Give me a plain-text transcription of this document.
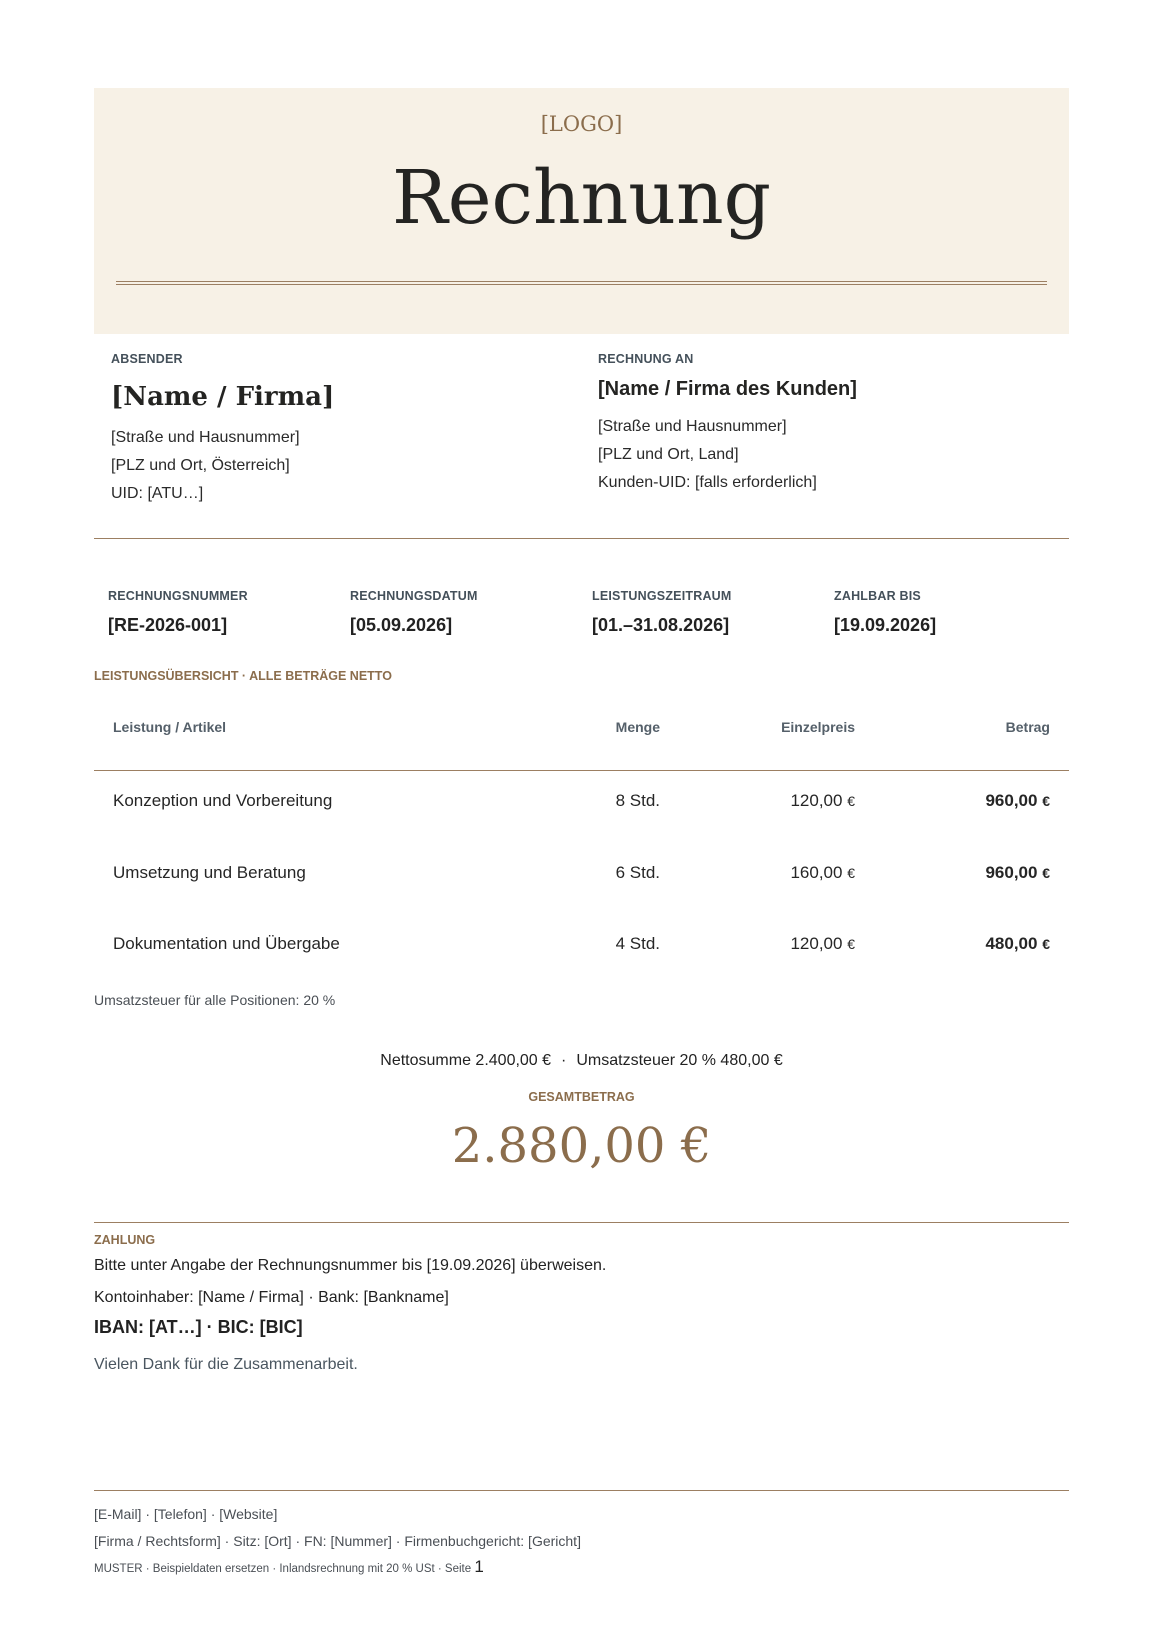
[LOGO]
Rechnung
ABSENDER
[Name / Firma]
[Straße und Hausnummer]
[PLZ und Ort, Österreich]
UID: [ATU…]
RECHNUNG AN
[Name / Firma des Kunden]
[Straße und Hausnummer]
[PLZ und Ort, Land]
Kunden-UID: [falls erforderlich]
RECHNUNGSNUMMER
[RE-2026-001]
RECHNUNGSDATUM
[05.09.2026]
LEISTUNGSZEITRAUM
[01.–31.08.2026]
ZAHLBAR BIS
[19.09.2026]
LEISTUNGSÜBERSICHT · ALLE BETRÄGE NETTO
Leistung / Artikel	Menge	Einzelpreis	Betrag
Konzeption und Vorbereitung	8 Std.	120,00 €	960,00 €
Umsetzung und Beratung	6 Std.	160,00 €	960,00 €
Dokumentation und Übergabe	4 Std.	120,00 €	480,00 €
Umsatzsteuer für alle Positionen: 20 %
Nettosumme 2.400,00 € · Umsatzsteuer 20 % 480,00 €
GESAMTBETRAG
2.880,00 €
ZAHLUNG
Bitte unter Angabe der Rechnungsnummer bis [19.09.2026] überweisen.
Kontoinhaber: [Name / Firma] · Bank: [Bankname]
IBAN: [AT…] · BIC: [BIC]
Vielen Dank für die Zusammenarbeit.
[E-Mail] · [Telefon] · [Website]
[Firma / Rechtsform] · Sitz: [Ort] · FN: [Nummer] · Firmenbuchgericht: [Gericht]
MUSTER · Beispieldaten ersetzen · Inlandsrechnung mit 20 % USt · Seite 1
